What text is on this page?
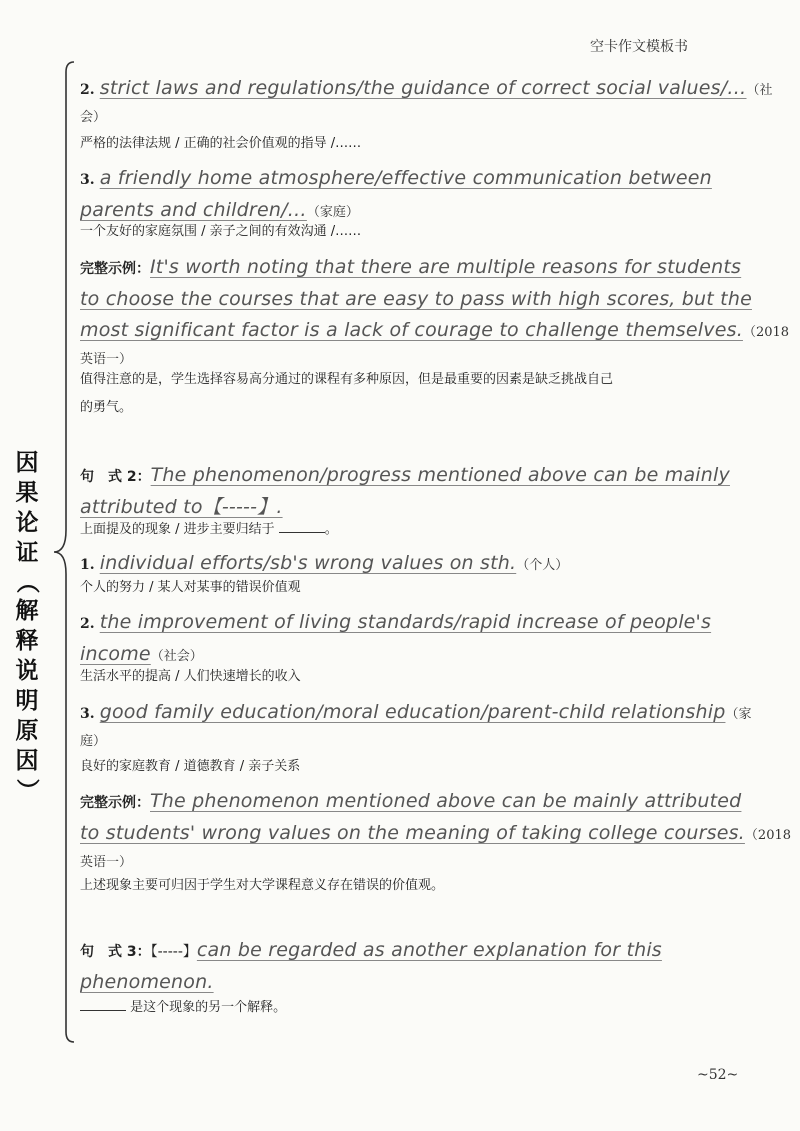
空卡作文模板书
因
果
论
证
（
解
释
说
明
原
因
）
2. strict laws and regulations/the guidance of correct social values/…（社
会）
严格的法律法规 / 正确的社会价值观的指导 /……
3. a friendly home atmosphere/effective communication between
parents and children/…（家庭）
一个友好的家庭氛围 / 亲子之间的有效沟通 /……
完整示例：It's worth noting that there are multiple reasons for students
to choose the courses that are easy to pass with high scores, but the
most significant factor is a lack of courage to challenge themselves.（2018
英语一）
值得注意的是，学生选择容易高分通过的课程有多种原因，但是最重要的因素是缺乏挑战自己
的勇气。
句　式 2：The phenomenon/progress mentioned above can be mainly
attributed to【-----】.
上面提及的现象 / 进步主要归结于	。
1. individual efforts/sb's wrong values on sth.（个人）
个人的努力 / 某人对某事的错误价值观
2. the improvement of living standards/rapid increase of people's
income（社会）
生活水平的提高 / 人们快速增长的收入
3. good family education/moral education/parent-child relationship（家
庭）
良好的家庭教育 / 道德教育 / 亲子关系
完整示例：The phenomenon mentioned above can be mainly attributed
to students' wrong values on the meaning of taking college courses.（2018
英语一）
上述现象主要可归因于学生对大学课程意义存在错误的价值观。
句　式 3：【-----】can be regarded as another explanation for this
phenomenon.
是这个现象的另一个解释。
~52~
